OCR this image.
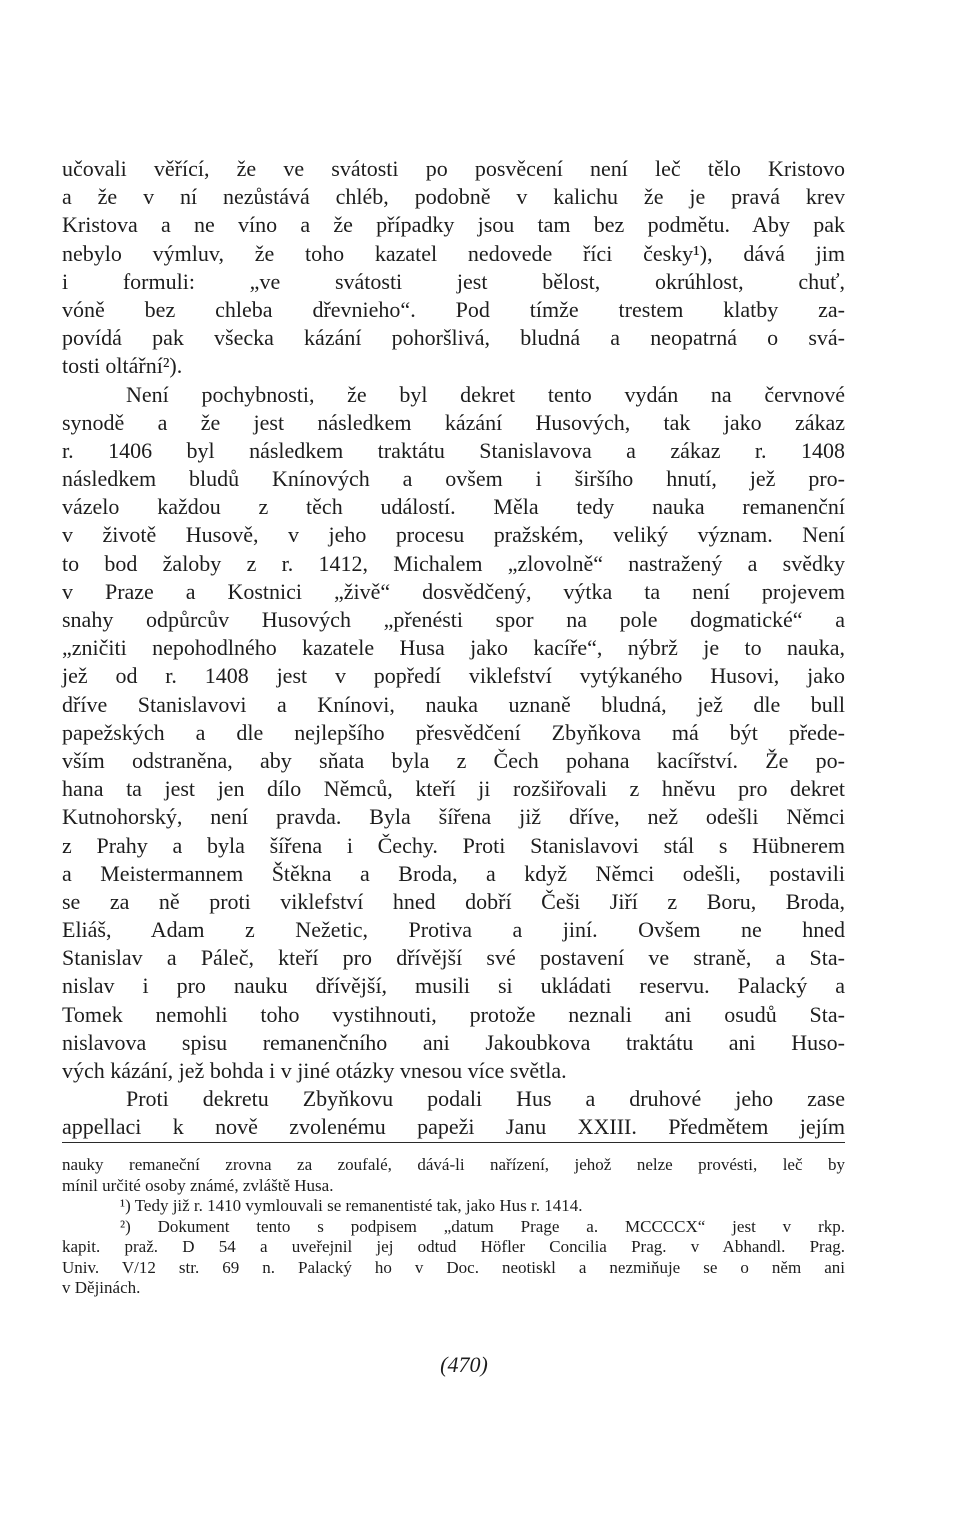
učovali věřící, že ve svátosti po posvěcení není leč tělo Kristovo
a že v ní nezůstává chléb, podobně v kalichu že je pravá krev
Kristova a ne víno a že případky jsou tam bez podmětu. Aby pak
nebylo výmluv, že toho kazatel nedovede říci česky¹), dává jim
i formuli: „ve svátosti jest bělost, okrúhlost, chuť,
vóně bez chleba dřevnieho“. Pod tímže trestem klatby za-
povídá pak všecka kázání pohoršlivá, bludná a neopatrná o svá-
tosti oltářní²).
Není pochybnosti, že byl dekret tento vydán na červnové
synodě a že jest následkem kázání Husových, tak jako zákaz
r. 1406 byl následkem traktátu Stanislavova a zákaz r. 1408
následkem bludů Knínových a ovšem i širšího hnutí, jež pro-
vázelo každou z těch událostí. Měla tedy nauka remanenční
v životě Husově, v jeho procesu pražském, veliký význam. Není
to bod žaloby z r. 1412, Michalem „zlovolně“ nastražený a svědky
v Praze a Kostnici „živě“ dosvědčený, výtka ta není projevem
snahy odpůrcův Husových „přenésti spor na pole dogmatické“ a
„zničiti nepohodlného kazatele Husa jako kacíře“, nýbrž je to nauka,
jež od r. 1408 jest v popředí viklefství vytýkaného Husovi, jako
dříve Stanislavovi a Knínovi, nauka uznaně bludná, jež dle bull
papežských a dle nejlepšího přesvědčení Zbyňkova má být přede-
vším odstraněna, aby sňata byla z Čech pohana kacířství. Že po-
hana ta jest jen dílo Němců, kteří ji rozšiřovali z hněvu pro dekret
Kutnohorský, není pravda. Byla šířena již dříve, než odešli Němci
z Prahy a byla šířena i Čechy. Proti Stanislavovi stál s Hübnerem
a Meistermannem Štěkna a Broda, a když Němci odešli, postavili
se za ně proti viklefství hned dobří Češi Jiří z Boru, Broda,
Eliáš, Adam z Nežetic, Protiva a jiní. Ovšem ne hned
Stanislav a Páleč, kteří pro dřívější své postavení ve straně, a Sta-
nislav i pro nauku dřívější, musili si ukládati reservu. Palacký a
Tomek nemohli toho vystihnouti, protože neznali ani osudů Sta-
nislavova spisu remanenčního ani Jakoubkova traktátu ani Huso-
vých kázání, jež bohda i v jiné otázky vnesou více světla.
Proti dekretu Zbyňkovu podali Hus a druhové jeho zase
appellaci k nově zvolenému papeži Janu XXIII. Předmětem jejím
nauky remaneční zrovna za zoufalé, dává-li nařízení, jehož nelze provésti, leč by
mínil určité osoby známé, zvláště Husa.
¹) Tedy již r. 1410 vymlouvali se remanentisté tak, jako Hus r. 1414.
²) Dokument tento s podpisem „datum Prage a. MCCCCX“ jest v rkp.
kapit. praž. D 54 a uveřejnil jej odtud Höfler Concilia Prag. v Abhandl. Prag.
Univ. V/12 str. 69 n. Palacký ho v Doc. neotiskl a nezmiňuje se o něm ani
v Dějinách.
(470)
